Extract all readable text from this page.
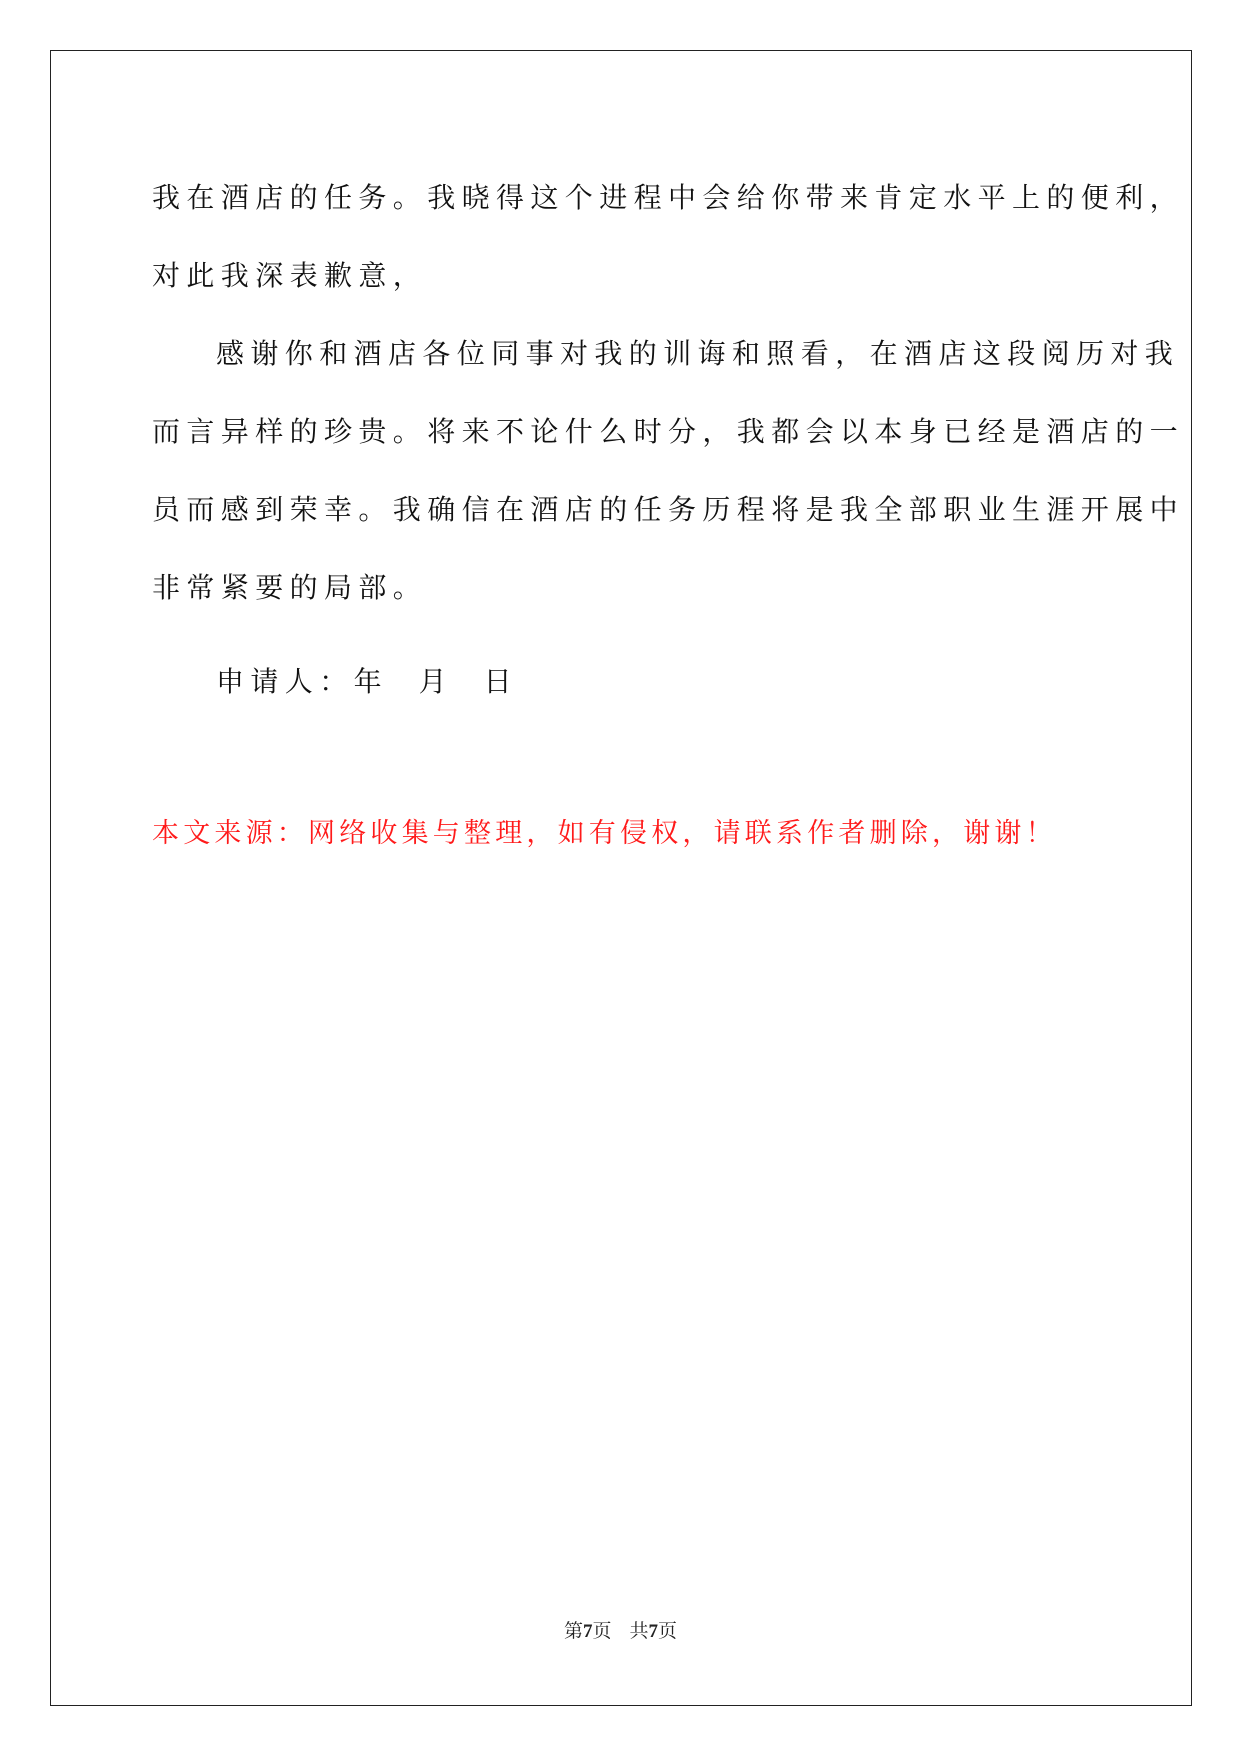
我在酒店的任务。我晓得这个进程中会给你带来肯定水平上的便利，
对此我深表歉意，

感谢你和酒店各位同事对我的训诲和照看，在酒店这段阅历对我
而言异样的珍贵。将来不论什么时分，我都会以本身已经是酒店的一
员而感到荣幸。我确信在酒店的任务历程将是我全部职业生涯开展中
非常紧要的局部。

申请人：年  月  日
本文来源：网络收集与整理，如有侵权，请联系作者删除，谢谢！
第7页 共7页
